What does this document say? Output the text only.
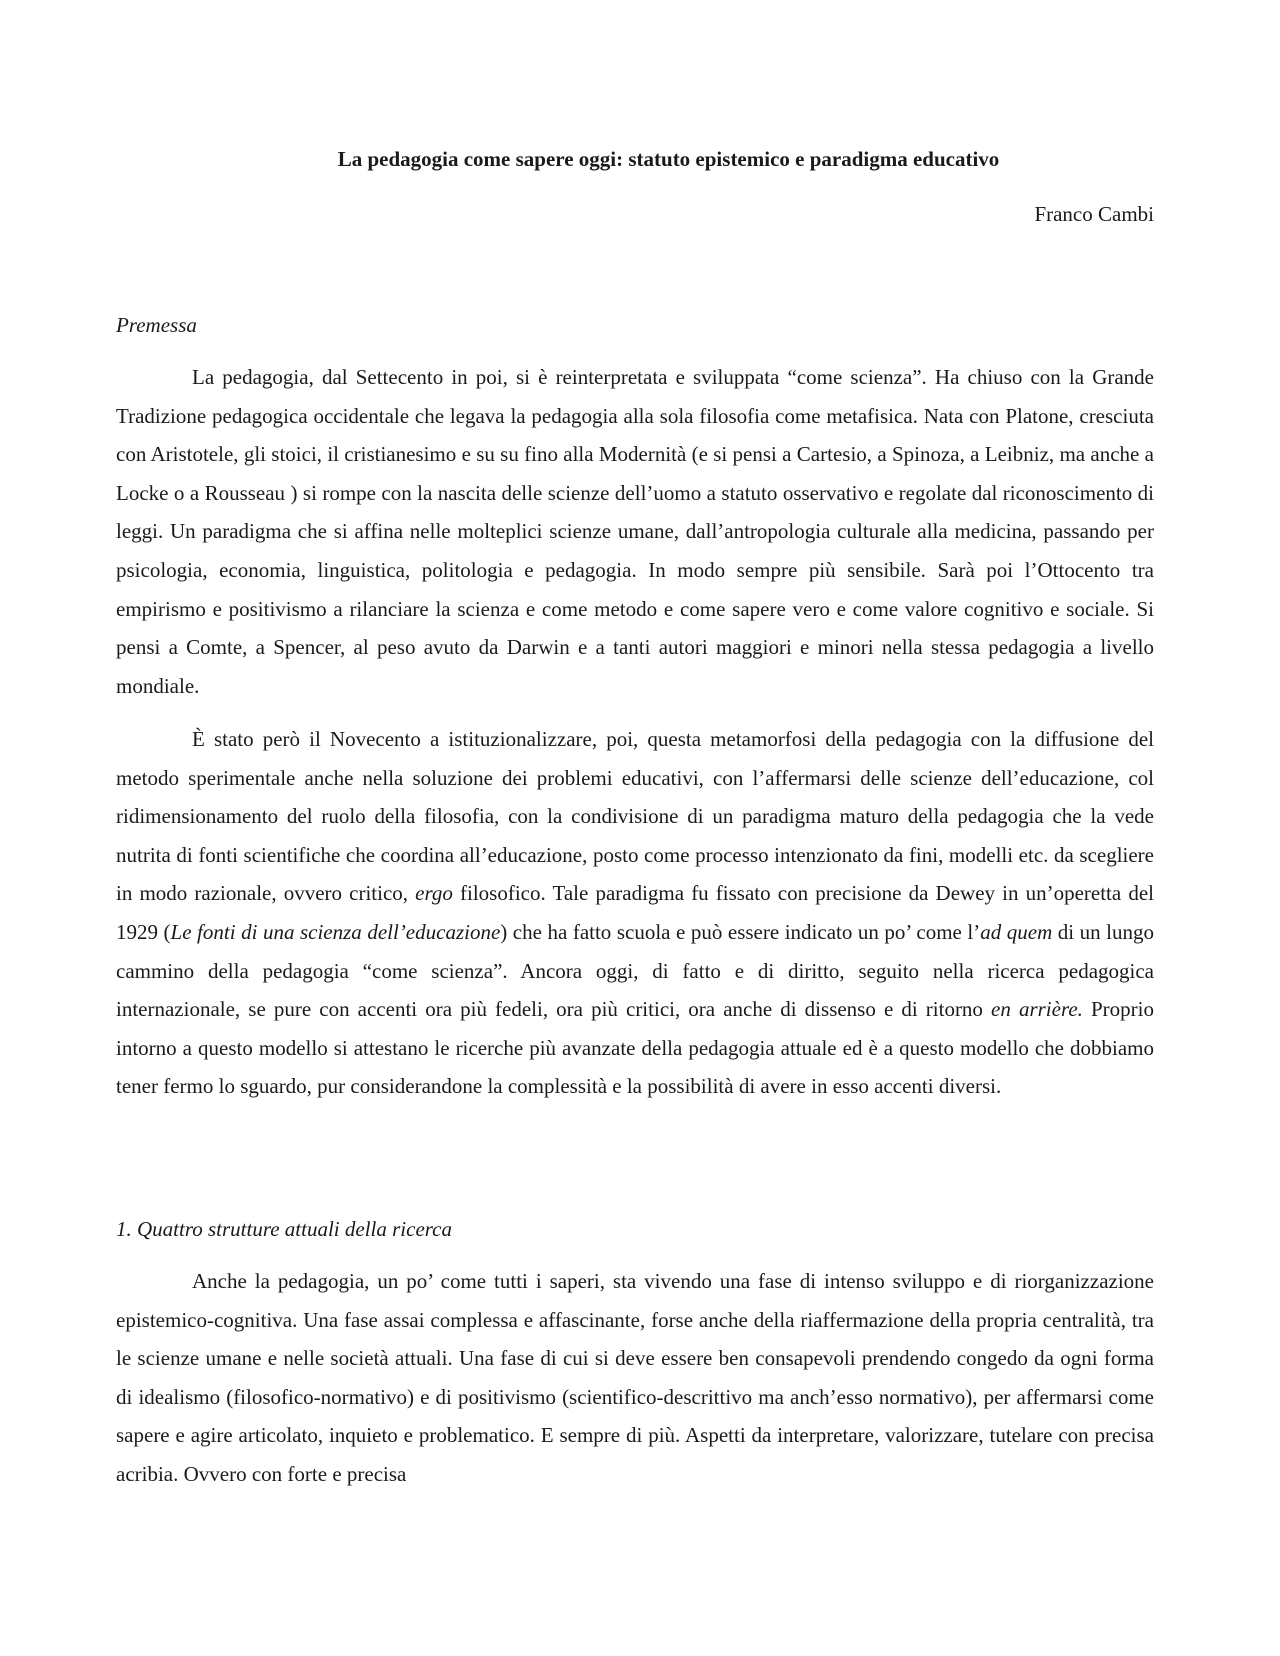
La pedagogia come sapere oggi: statuto epistemico e paradigma educativo

Franco Cambi

Premessa

La pedagogia, dal Settecento in poi, si è reinterpretata e sviluppata “come scienza”. Ha chiuso con la Grande Tradizione pedagogica occidentale che legava la pedagogia alla sola filosofia come metafisica. Nata con Platone, cresciuta con Aristotele, gli stoici, il cristianesimo e su su fino alla Modernità (e si pensi a Cartesio, a Spinoza, a Leibniz, ma anche a Locke o a Rousseau ) si rompe con la nascita delle scienze dell’uomo a statuto osservativo e regolate dal riconoscimento di leggi. Un paradigma che si affina nelle molteplici scienze umane, dall’antropologia culturale alla medicina, passando per psicologia, economia, linguistica, politologia e pedagogia. In modo sempre più sensibile. Sarà poi l’Ottocento tra empirismo e positivismo a rilanciare la scienza e come metodo e come sapere vero e come valore cognitivo e sociale. Si pensi a Comte, a Spencer, al peso avuto da Darwin e a tanti autori maggiori e minori nella stessa pedagogia a livello mondiale.

È stato però il Novecento a istituzionalizzare, poi, questa metamorfosi della pedagogia con la diffusione del metodo sperimentale anche nella soluzione dei problemi educativi, con l’affermarsi delle scienze dell’educazione, col ridimensionamento del ruolo della filosofia, con la condivisione di un paradigma maturo della pedagogia che la vede nutrita di fonti scientifiche che coordina all’educazione, posto come processo intenzionato da fini, modelli etc. da scegliere in modo razionale, ovvero critico, ergo filosofico. Tale paradigma fu fissato con precisione da Dewey in un’operetta del 1929 (Le fonti di una scienza dell’educazione) che ha fatto scuola e può essere indicato un po’ come l’ad quem di un lungo cammino della pedagogia “come scienza”. Ancora oggi, di fatto e di diritto, seguito nella ricerca pedagogica internazionale, se pure con accenti ora più fedeli, ora più critici, ora anche di dissenso e di ritorno en arrière. Proprio intorno a questo modello si attestano le ricerche più avanzate della pedagogia attuale ed è a questo modello che dobbiamo tener fermo lo sguardo, pur considerandone la complessità e la possibilità di avere in esso accenti diversi.

1. Quattro strutture attuali della ricerca

Anche la pedagogia, un po’ come tutti i saperi, sta vivendo una fase di intenso sviluppo e di riorganizzazione epistemico-cognitiva. Una fase assai complessa e affascinante, forse anche della riaffermazione della propria centralità, tra le scienze umane e nelle società attuali. Una fase di cui si deve essere ben consapevoli prendendo congedo da ogni forma di idealismo (filosofico-normativo) e di positivismo (scientifico-descrittivo ma anch’esso normativo), per affermarsi come sapere e agire articolato, inquieto e problematico. E sempre di più. Aspetti da interpretare, valorizzare, tutelare con precisa acribia. Ovvero con forte e precisa
